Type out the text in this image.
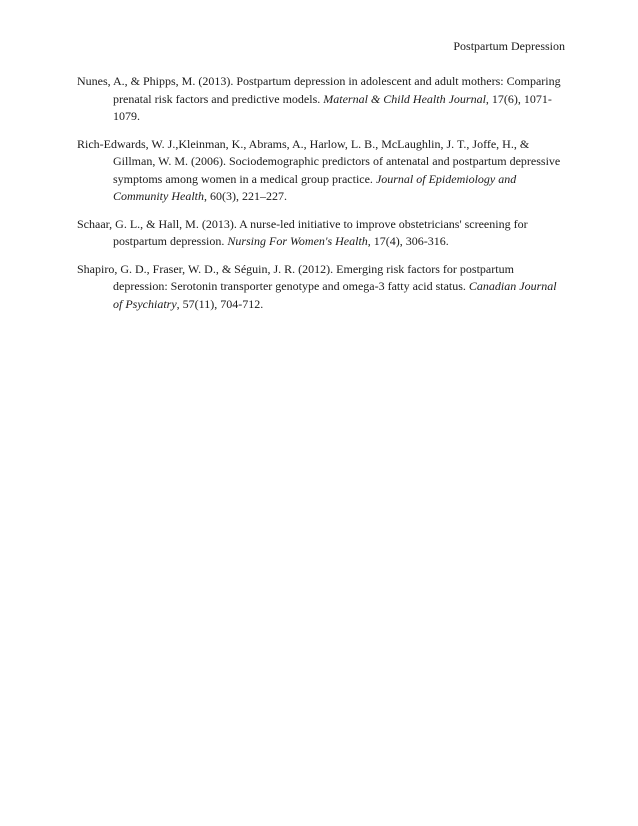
Postpartum Depression

Nunes, A., & Phipps, M. (2013). Postpartum depression in adolescent and adult mothers: Comparing prenatal risk factors and predictive models. Maternal & Child Health Journal, 17(6), 1071-1079.

Rich-Edwards, W. J.,Kleinman, K., Abrams, A., Harlow, L. B., McLaughlin, J. T., Joffe, H., & Gillman, W. M. (2006). Sociodemographic predictors of antenatal and postpartum depressive symptoms among women in a medical group practice. Journal of Epidemiology and Community Health, 60(3), 221–227.

Schaar, G. L., & Hall, M. (2013). A nurse-led initiative to improve obstetricians' screening for postpartum depression. Nursing For Women's Health, 17(4), 306-316.

Shapiro, G. D., Fraser, W. D., & Séguin, J. R. (2012). Emerging risk factors for postpartum depression: Serotonin transporter genotype and omega-3 fatty acid status. Canadian Journal of Psychiatry, 57(11), 704-712.
